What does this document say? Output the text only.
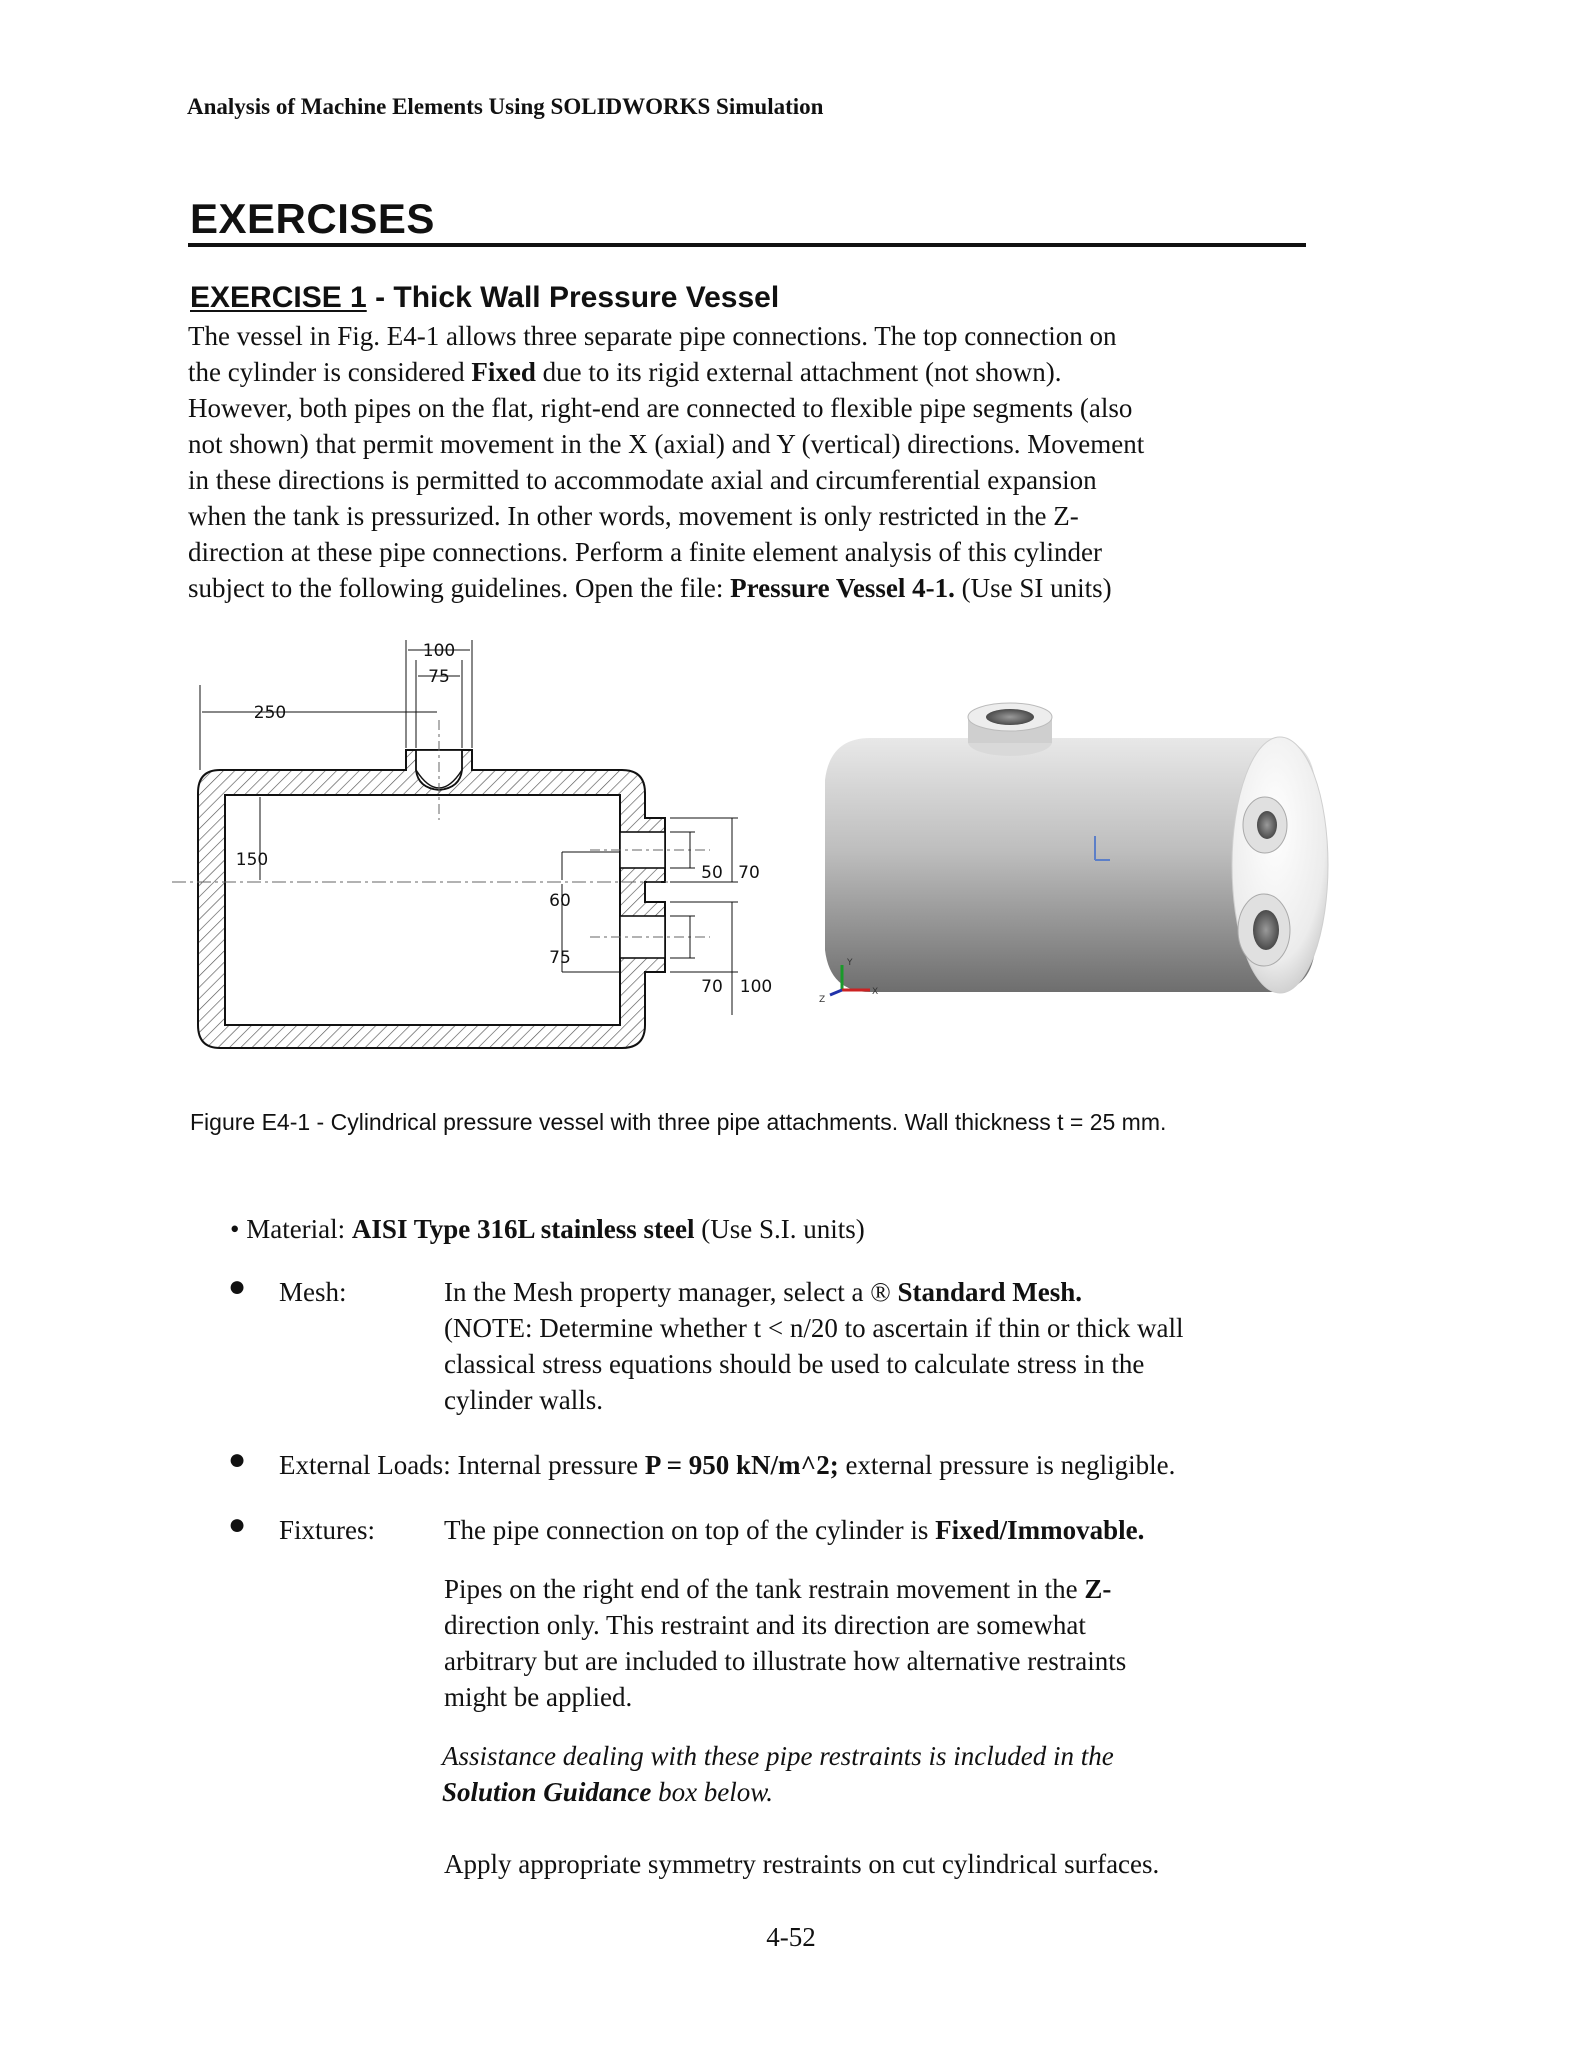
Analysis of Machine Elements Using SOLIDWORKS Simulation
EXERCISES
EXERCISE 1 - Thick Wall Pressure Vessel
The vessel in Fig. E4-1 allows three separate pipe connections. The top connection on
the cylinder is considered Fixed due to its rigid external attachment (not shown).
However, both pipes on the flat, right-end are connected to flexible pipe segments (also
not shown) that permit movement in the X (axial) and Y (vertical) directions. Movement
in these directions is permitted to accommodate axial and circumferential expansion
when the tank is pressurized. In other words, movement is only restricted in the Z-
direction at these pipe connections. Perform a finite element analysis of this cylinder
subject to the following guidelines. Open the file: Pressure Vessel 4-1. (Use SI units)
100
75
250
150
60
75
50 70
70 100
Y
X
Z
Figure E4-1 - Cylindrical pressure vessel with three pipe attachments. Wall thickness t = 25 mm.
• Material: AISI Type 316L stainless steel (Use S.I. units)
● Mesh:	In the Mesh property manager, select a ® Standard Mesh.
(NOTE: Determine whether t < n/20 to ascertain if thin or thick wall
classical stress equations should be used to calculate stress in the
cylinder walls.
● External Loads: Internal pressure P = 950 kN/m^2; external pressure is negligible.
● Fixtures:	The pipe connection on top of the cylinder is Fixed/Immovable.
Pipes on the right end of the tank restrain movement in the Z-
direction only. This restraint and its direction are somewhat
arbitrary but are included to illustrate how alternative restraints
might be applied.
Assistance dealing with these pipe restraints is included in the
Solution Guidance box below.
Apply appropriate symmetry restraints on cut cylindrical surfaces.
4-52
